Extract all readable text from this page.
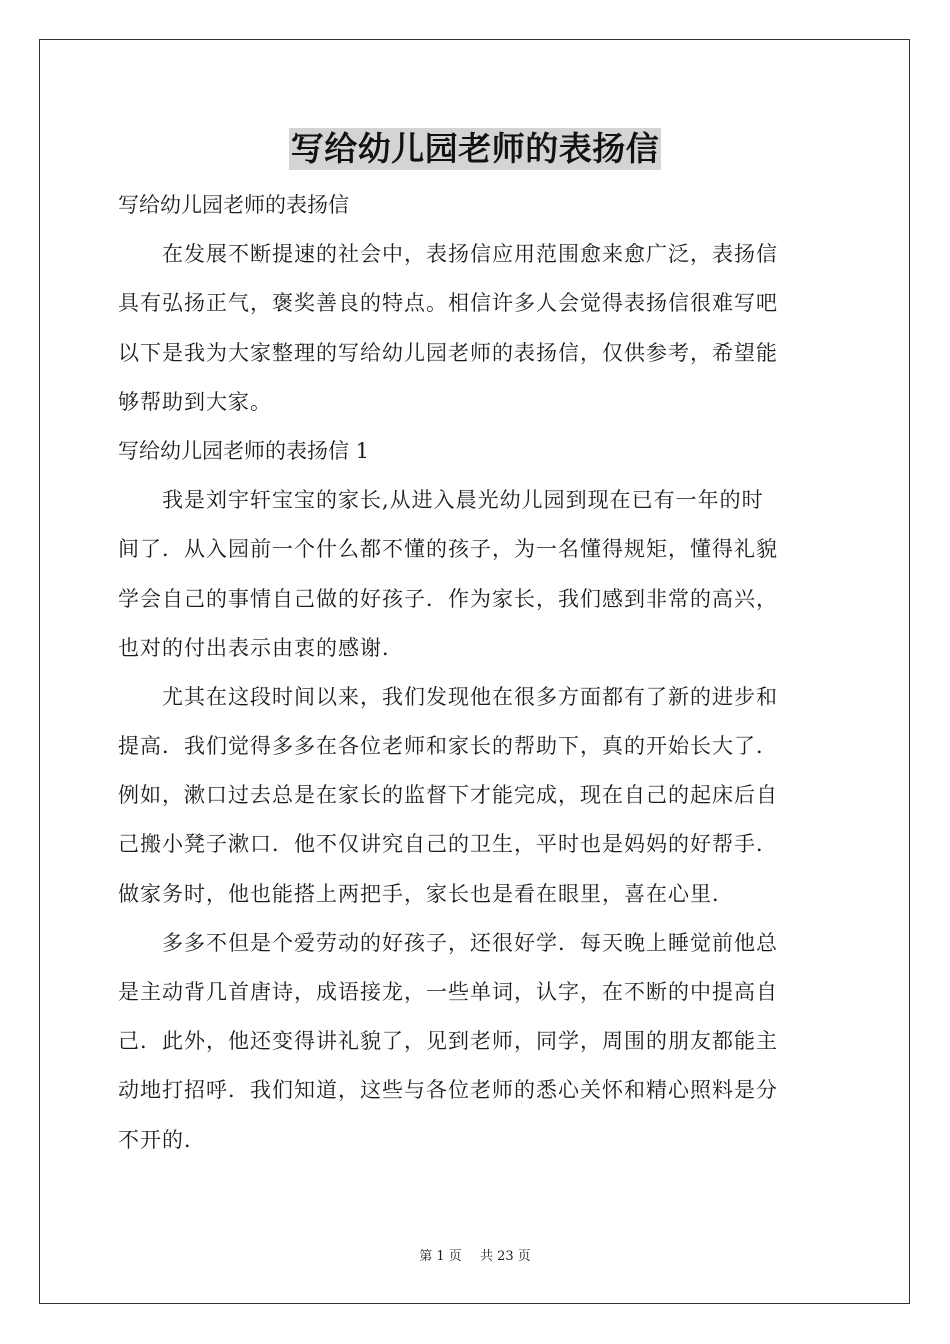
写给幼儿园老师的表扬信
写给幼儿园老师的表扬信
在发展不断提速的社会中，表扬信应用范围愈来愈广泛，表扬信
具有弘扬正气，褒奖善良的特点。相信许多人会觉得表扬信很难写吧
以下是我为大家整理的写给幼儿园老师的表扬信，仅供参考，希望能
够帮助到大家。
写给幼儿园老师的表扬信 1
我是刘宇轩宝宝的家长,从进入晨光幼儿园到现在已有一年的时
间了．从入园前一个什么都不懂的孩子，为一名懂得规矩，懂得礼貌
学会自己的事情自己做的好孩子．作为家长，我们感到非常的高兴，
也对的付出表示由衷的感谢．
尤其在这段时间以来，我们发现他在很多方面都有了新的进步和
提高．我们觉得多多在各位老师和家长的帮助下，真的开始长大了．
例如，漱口过去总是在家长的监督下才能完成，现在自己的起床后自
己搬小凳子漱口．他不仅讲究自己的卫生，平时也是妈妈的好帮手．
做家务时，他也能搭上两把手，家长也是看在眼里，喜在心里．
多多不但是个爱劳动的好孩子，还很好学．每天晚上睡觉前他总
是主动背几首唐诗，成语接龙，一些单词，认字，在不断的中提高自
己．此外，他还变得讲礼貌了，见到老师，同学，周围的朋友都能主
动地打招呼．我们知道，这些与各位老师的悉心关怀和精心照料是分
不开的．
第 1 页 共 23 页
